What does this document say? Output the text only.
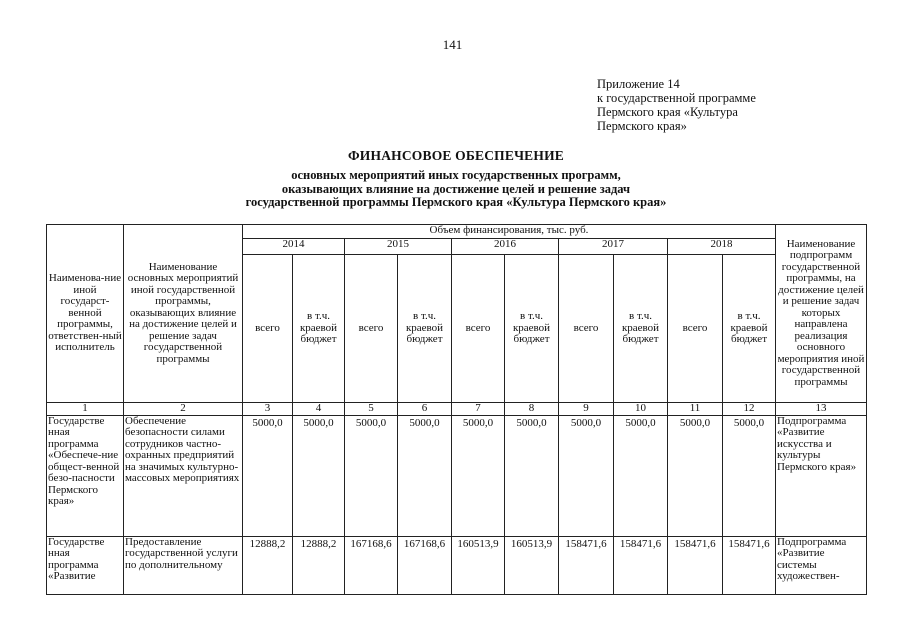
141
Приложение 14
к государственной программе
Пермского края «Культура
Пермского края»
ФИНАНСОВОЕ ОБЕСПЕЧЕНИЕ
основных мероприятий иных государственных программ,
оказывающих влияние на достижение целей и решение задач
государственной программы Пермского края «Культура Пермского края»
Наименова-ние иной государст-венной программы, ответствен-ный исполнитель	Наименование основных мероприятий иной государственной программы, оказывающих влияние на достижение целей и решение задач государственной программы	Объем финансирования, тыс. руб.										Наименование подпрограмм государственной программы, на достижение целей и решение задач которых направлена реализация основного мероприятия иной государственной программы
		2014		2015		2016		2017		2018		
		всего	в т.ч. краевой бюджет	всего	в т.ч. краевой бюджет	всего	в т.ч. краевой бюджет	всего	в т.ч. краевой бюджет	всего	в т.ч. краевой бюджет	
1	2	3	4	5	6	7	8	9	10	11	12	13
Государстве нная программа «Обеспече-ние общест-венной безо-пасности Пермского края»	Обеспечение безопасности силами сотрудников частно-охранных предприятий на значимых культурно-массовых мероприятиях	5000,0	5000,0	5000,0	5000,0	5000,0	5000,0	5000,0	5000,0	5000,0	5000,0	Подпрограмма «Развитие искусства и культуры Пермского края»
Государстве нная программа «Развитие	Предоставление государственной услуги по дополнительному	12888,2	12888,2	167168,6	167168,6	160513,9	160513,9	158471,6	158471,6	158471,6	158471,6	Подпрограмма «Развитие системы художествен-
